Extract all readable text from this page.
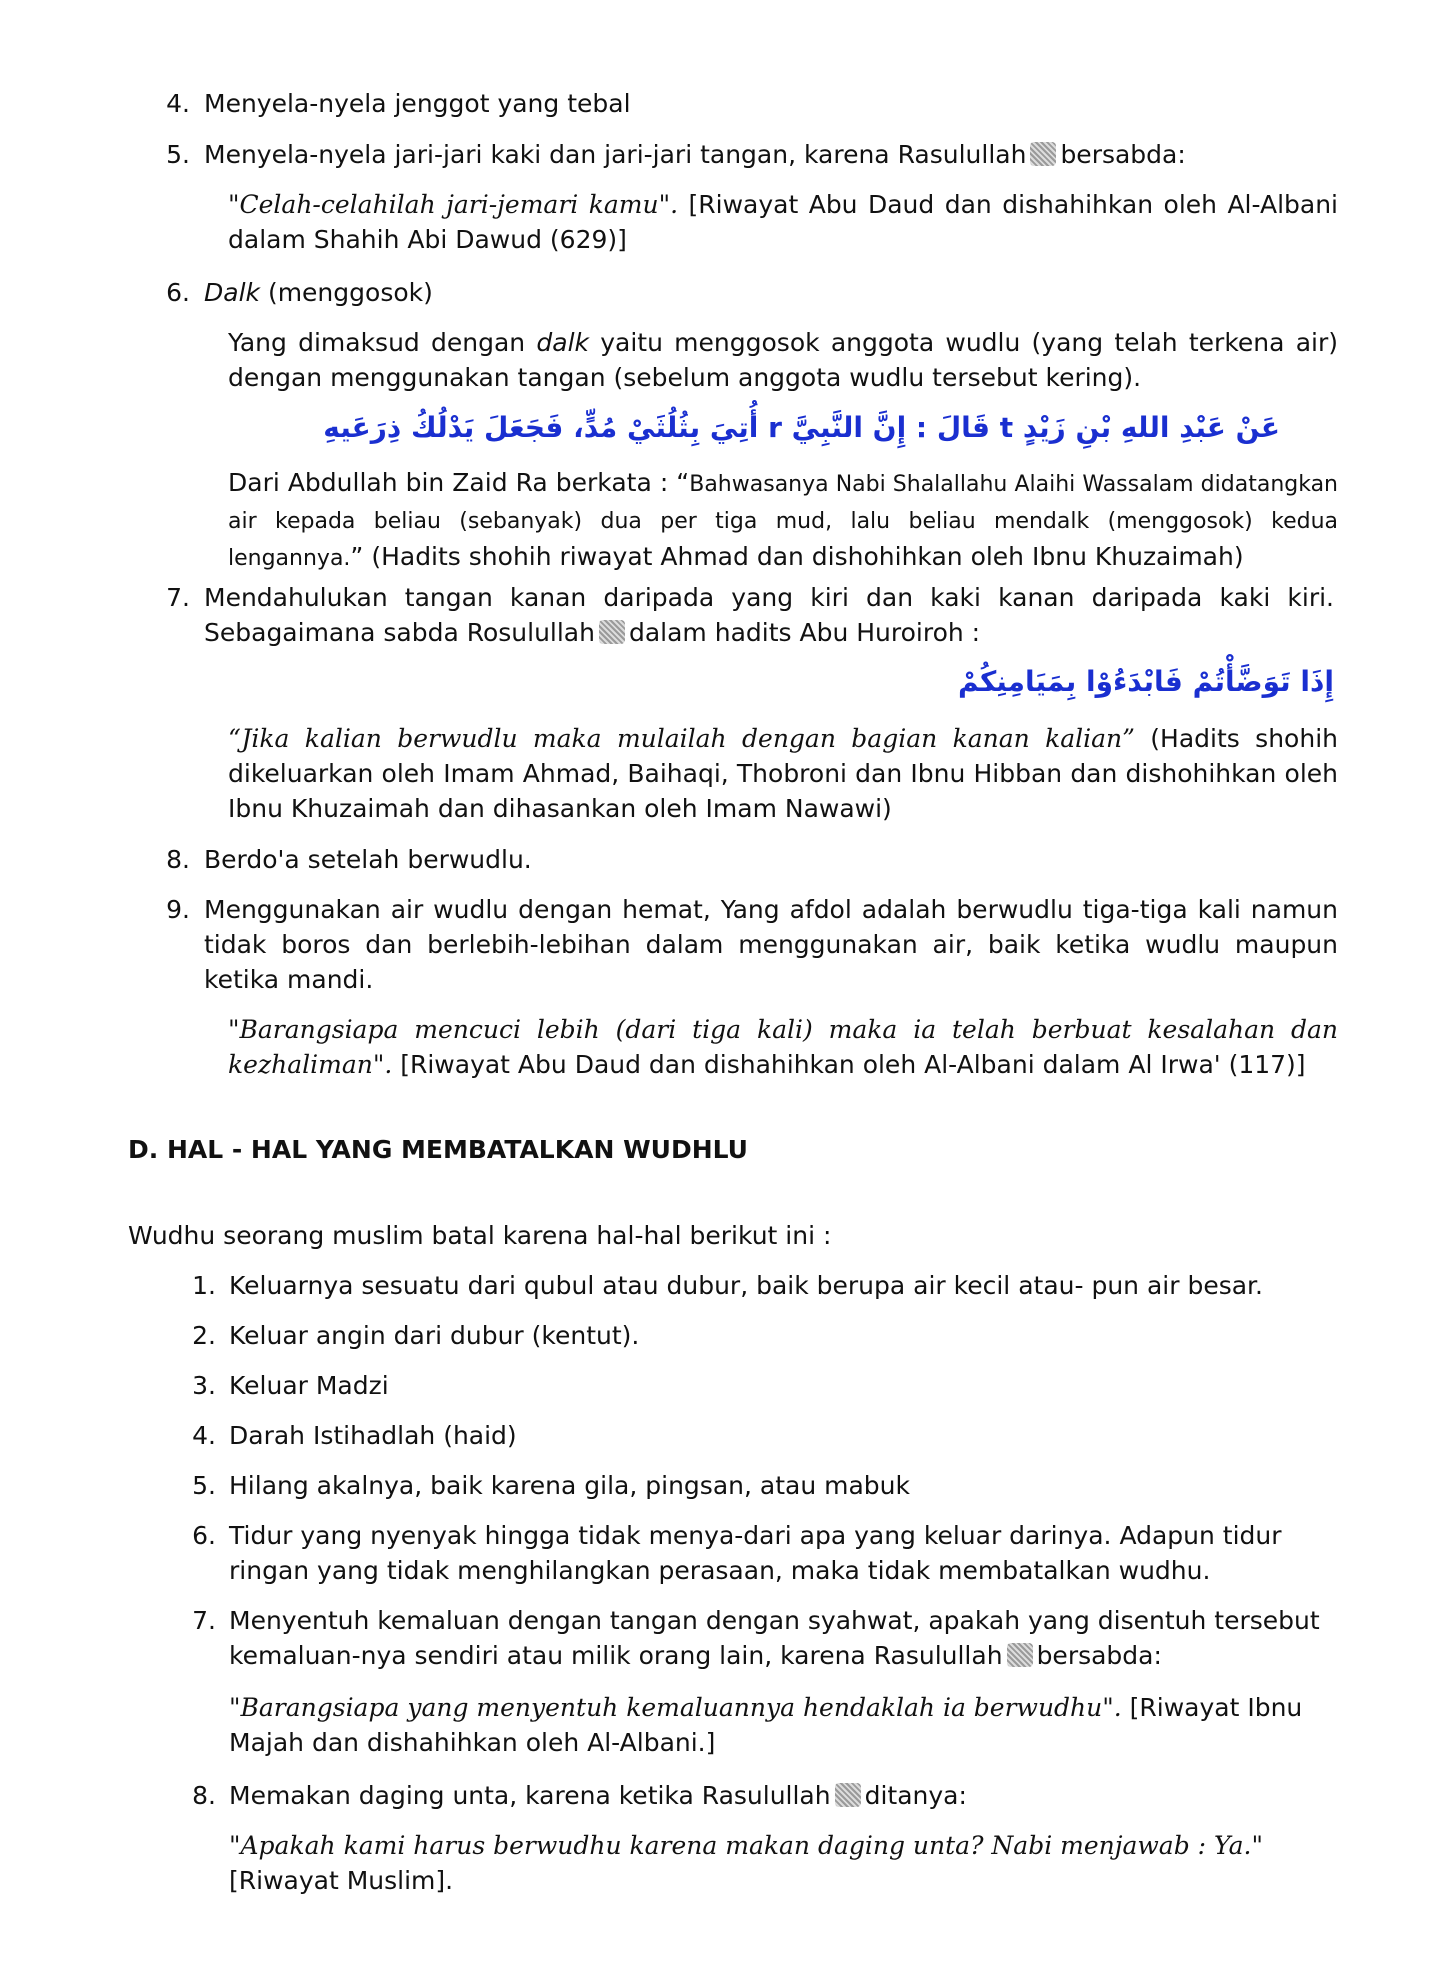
4. Menyela-nyela jenggot yang tebal
5. Menyela-nyela jari-jari kaki dan jari-jari tangan, karena Rasulullah bersabda:
"Celah-celahilah jari-jemari kamu". [Riwayat Abu Daud dan dishahihkan oleh Al-Albani dalam Shahih Abi Dawud (629)]
6. Dalk (menggosok)
Yang dimaksud dengan dalk yaitu menggosok anggota wudlu (yang telah terkena air) dengan menggunakan tangan (sebelum anggota wudlu tersebut kering).
عَنْ عَبْدِ اللهِ بْنِ زَيْدٍ t قَالَ : إِنَّ النَّبِيَّ r أُتِيَ بِثُلُثَيْ مُدٍّ، فَجَعَلَ يَدْلُكُ ذِرَعَيهِ
Dari Abdullah bin Zaid Ra berkata : “Bahwasanya Nabi Shalallahu Alaihi Wassalam didatangkan air kepada beliau (sebanyak) dua per tiga mud, lalu beliau mendalk (menggosok) kedua lengannya.” (Hadits shohih riwayat Ahmad dan dishohihkan oleh Ibnu Khuzaimah)
7. Mendahulukan tangan kanan daripada yang kiri dan kaki kanan daripada kaki kiri.
Sebagaimana sabda Rosulullah dalam hadits Abu Huroiroh :
إِذَا تَوَضَّأْتُمْ فَابْدَءُوْا بِمَيَامِنِكُمْ
“Jika kalian berwudlu maka mulailah dengan bagian kanan kalian” (Hadits shohih dikeluarkan oleh Imam Ahmad, Baihaqi, Thobroni dan Ibnu Hibban dan dishohihkan oleh Ibnu Khuzaimah dan dihasankan oleh Imam Nawawi)
8. Berdo'a setelah berwudlu.
9. Menggunakan air wudlu dengan hemat, Yang afdol adalah berwudlu tiga-tiga kali namun tidak boros dan berlebih-lebihan dalam menggunakan air, baik ketika wudlu maupun ketika mandi.
"Barangsiapa mencuci lebih (dari tiga kali) maka ia telah berbuat kesalahan dan kezhaliman". [Riwayat Abu Daud dan dishahihkan oleh Al-Albani dalam Al Irwa' (117)]
D. HAL - HAL YANG MEMBATALKAN WUDHLU
Wudhu seorang muslim batal karena hal-hal berikut ini :
1. Keluarnya sesuatu dari qubul atau dubur, baik berupa air kecil atau- pun air besar.
2. Keluar angin dari dubur (kentut).
3. Keluar Madzi
4. Darah Istihadlah (haid)
5. Hilang akalnya, baik karena gila, pingsan, atau mabuk
6. Tidur yang nyenyak hingga tidak menya-dari apa yang keluar darinya. Adapun tidur ringan yang tidak menghilangkan perasaan, maka tidak membatalkan wudhu.
7. Menyentuh kemaluan dengan tangan dengan syahwat, apakah yang disentuh tersebut
kemaluan-nya sendiri atau milik orang lain, karena Rasulullah bersabda:
"Barangsiapa yang menyentuh kemaluannya hendaklah ia berwudhu". [Riwayat Ibnu Majah dan dishahihkan oleh Al-Albani.]
8. Memakan daging unta, karena ketika Rasulullah ditanya:
"Apakah kami harus berwudhu karena makan daging unta? Nabi menjawab : Ya."
[Riwayat Muslim].
